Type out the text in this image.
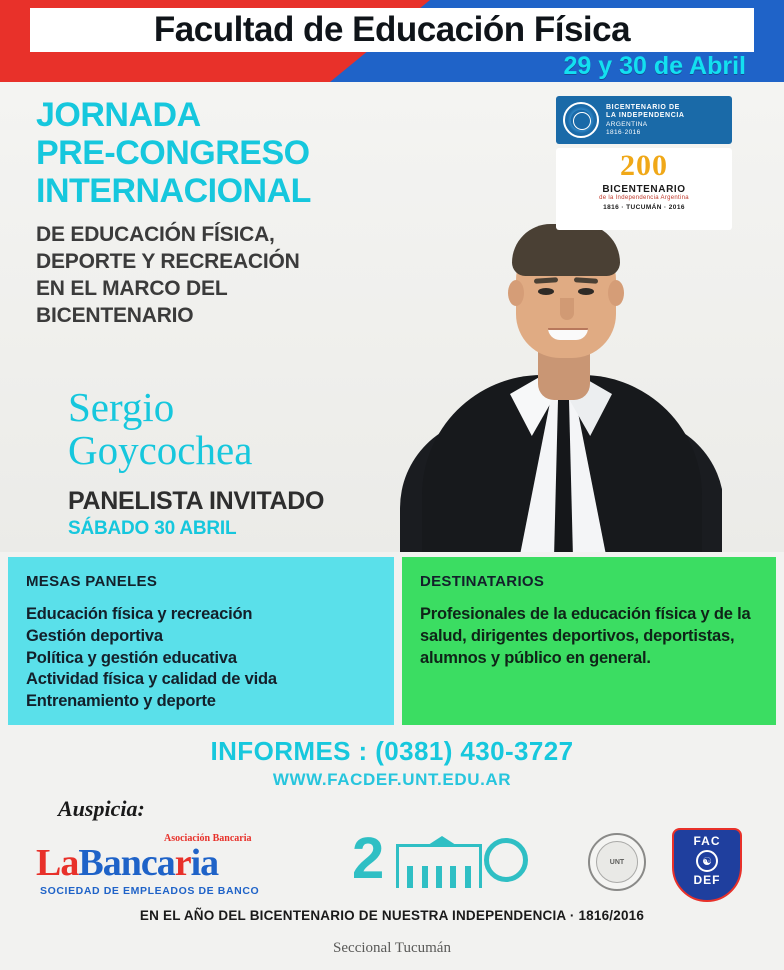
Facultad de Educación Física
29 y 30 de Abril
JORNADA
PRE-CONGRESO
INTERNACIONAL
DE EDUCACIÓN FÍSICA,
DEPORTE Y RECREACIÓN
EN EL MARCO DEL
BICENTENARIO
BICENTENARIO DE
LA INDEPENDENCIA
ARGENTINA
1816·2016
200
BICENTENARIO
de la Independencia Argentina
1816 · TUCUMÁN · 2016
Sergio
Goycochea
PANELISTA INVITADO
SÁBADO 30 ABRIL
MESAS PANELES
Educación física y recreación
Gestión deportiva
Política y gestión educativa
Actividad física y calidad de vida
Entrenamiento y deporte
DESTINATARIOS
Profesionales de la educación física y de la salud, dirigentes deportivos, deportistas, alumnos y público en general.
INFORMES : (0381) 430-3727
WWW.FACDEF.UNT.EDU.AR
Auspicia:
Asociación Bancaria
LaBancaria
SOCIEDAD DE EMPLEADOS DE BANCO 2	UNT
FAC
☯
DEF
EN EL AÑO DEL BICENTENARIO DE NUESTRA INDEPENDENCIA · 1816/2016
Seccional Tucumán
